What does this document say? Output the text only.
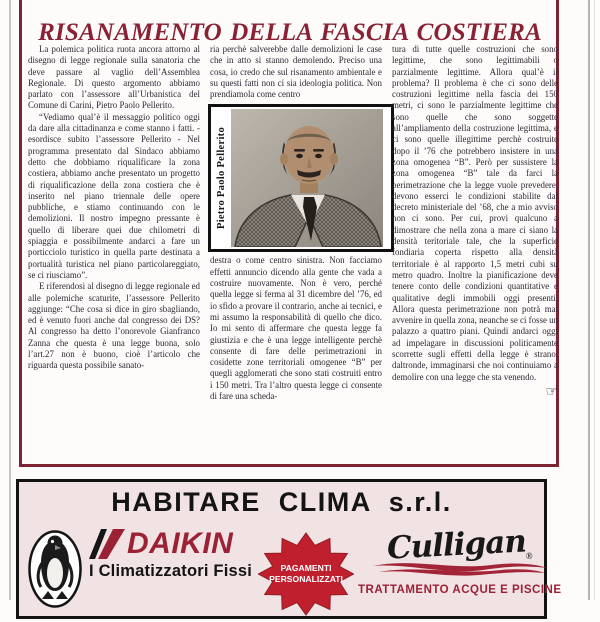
RISANAMENTO DELLA FASCIA COSTIERA

La polemica politica ruota ancora attorno al disegno di legge regionale sulla sanatoria che deve passare al vaglio dell’Assemblea Regionale. Di questo argomento abbiamo parlato con l’assessore all’Urbanistica del Comune di Carini, Pietro Paolo Pellerito.

“Vediamo qual’è il messaggio politico oggi da dare alla cittadinanza e come stanno i fatti. - esordisce subito l’assessore Pellerito - Nel programma presentato dal Sindaco abbiamo detto che dobbiamo riqualificare la zona costiera, abbiamo anche presentato un progetto di riqualificazione della zona costiera che è inserito nel piano triennale delle opere pubbliche, e stiamo continuando con le demolizioni. Il nostro impegno pressante è quello di liberare quei due chilometri di spiaggia e possibilmente andarci a fare un porticciolo turistico in quella parte destinata a portualità turistica nel piano particolareggiato, se ci riusciamo”.

E riferendosi al disegno di legge regionale ed alle polemiche scaturite, l’assessore Pellerito aggiunge: “Che cosa si dice in giro sbagliando, ed è venuto fuori anche dal congresso dei DS? Al congresso ha detto l’onorevole Gianfranco Zanna che questa è una legge buona, solo l’art.27 non è buono, cioè l’articolo che riguarda questa possibile sanato-

ria perchè salverebbe dalle demolizioni le case che in atto si stanno demolendo. Preciso una cosa, io credo che sul risanamento ambientale e su questi fatti non ci sia ideologia politica. Non prendiamola come centro

Pietro Paolo Pellerito

destra o come centro sinistra. Non facciamo effetti annuncio dicendo alla gente che vada a costruire nuovamente. Non è vero, perché quella legge si ferma al 31 dicembre del ’76, ed io sfido a provare il contrario, anche ai tecnici, e mi assumo la responsabilità di quello che dico. Io mi sento di affermare che questa legge fa giustizia e che è una legge intelligente perchè consente di fare delle perimetrazioni in cosidette zone territoriali omogenee “B” per quegli agglomerati che sono stati costruiti entro i 150 metri. Tra l’altro questa legge ci consente di fare una scheda-

tura di tutte quelle costruzioni che sono legittime, che sono legittimabili o parzialmente legittime. Allora qual’è il problema? Il problema è che ci sono delle costruzioni legittime nella fascia dei 150 metri, ci sono le parzialmente legittime che sono quelle che sono soggette all’ampliamento della costruzione legittima, e ci sono quelle illegittime perchè costruite dopo il ’76 che potrebbero insistere in una zona omogenea “B”. Però per sussistere la zona omogenea “B” tale da farci la perimetrazione che la legge vuole prevedere, devono esserci le condizioni stabilite dal decreto ministeriale del ’68, che a mio avviso non ci sono. Per cui, provi qualcuno a dimostrare che nella zona a mare ci siano la densità teritoriale tale, che la superficie fondiaria coperta rispetto alla densità territoriale è al rapporto 1,5 metri cubi su metro quadro. Inoltre la pianificazione deve tenere conto delle condizioni quantitative e qualitative degli immobili oggi presenti. Allora questa perimetrazione non potrà mai avvenire in quella zona, neanche se ci fosse un palazzo a quattro piani. Quindi andarci oggi ad impelagare in discussioni politicamente scorrette sugli effetti della legge è strano, daltronde, immaginarsi che noi continuiamo a demolire con una legge che sta venendo.

☞
HABITARE CLIMA s.r.l.
DAIKIN
I Climatizzatori Fissi	PAGAMENTI
PERSONALIZZATI
Culligan$_®$
TRATTAMENTO ACQUE E PISCINE
